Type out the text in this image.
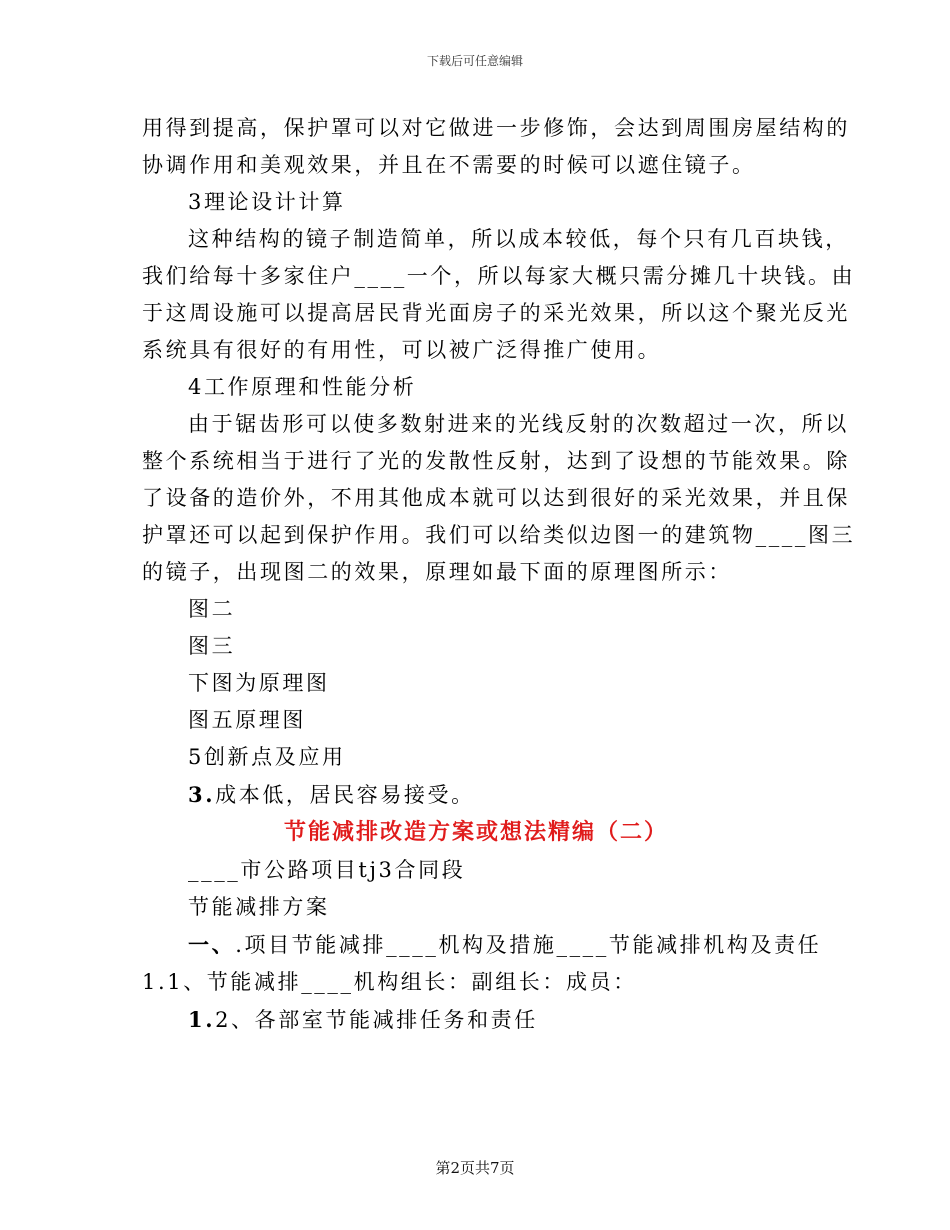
下载后可任意编辑

用得到提高，保护罩可以对它做进一步修饰，会达到周围房屋结构的

协调作用和美观效果，并且在不需要的时候可以遮住镜子。

3理论设计计算

这种结构的镜子制造简单，所以成本较低，每个只有几百块钱，

我们给每十多家住户____一个，所以每家大概只需分摊几十块钱。由

于这周设施可以提高居民背光面房子的采光效果，所以这个聚光反光

系统具有很好的有用性，可以被广泛得推广使用。

4工作原理和性能分析

由于锯齿形可以使多数射进来的光线反射的次数超过一次，所以

整个系统相当于进行了光的发散性反射，达到了设想的节能效果。除

了设备的造价外，不用其他成本就可以达到很好的采光效果，并且保

护罩还可以起到保护作用。我们可以给类似边图一的建筑物____图三

的镜子，出现图二的效果，原理如最下面的原理图所示：

图二

图三

下图为原理图

图五原理图

5创新点及应用

3.成本低，居民容易接受。

节能减排改造方案或想法精编（二）

____市公路项目tj3合同段

节能减排方案

一、.项目节能减排____机构及措施____节能减排机构及责任

1.1、节能减排____机构组长：副组长：成员：

1.2、各部室节能减排任务和责任

第2页共7页
